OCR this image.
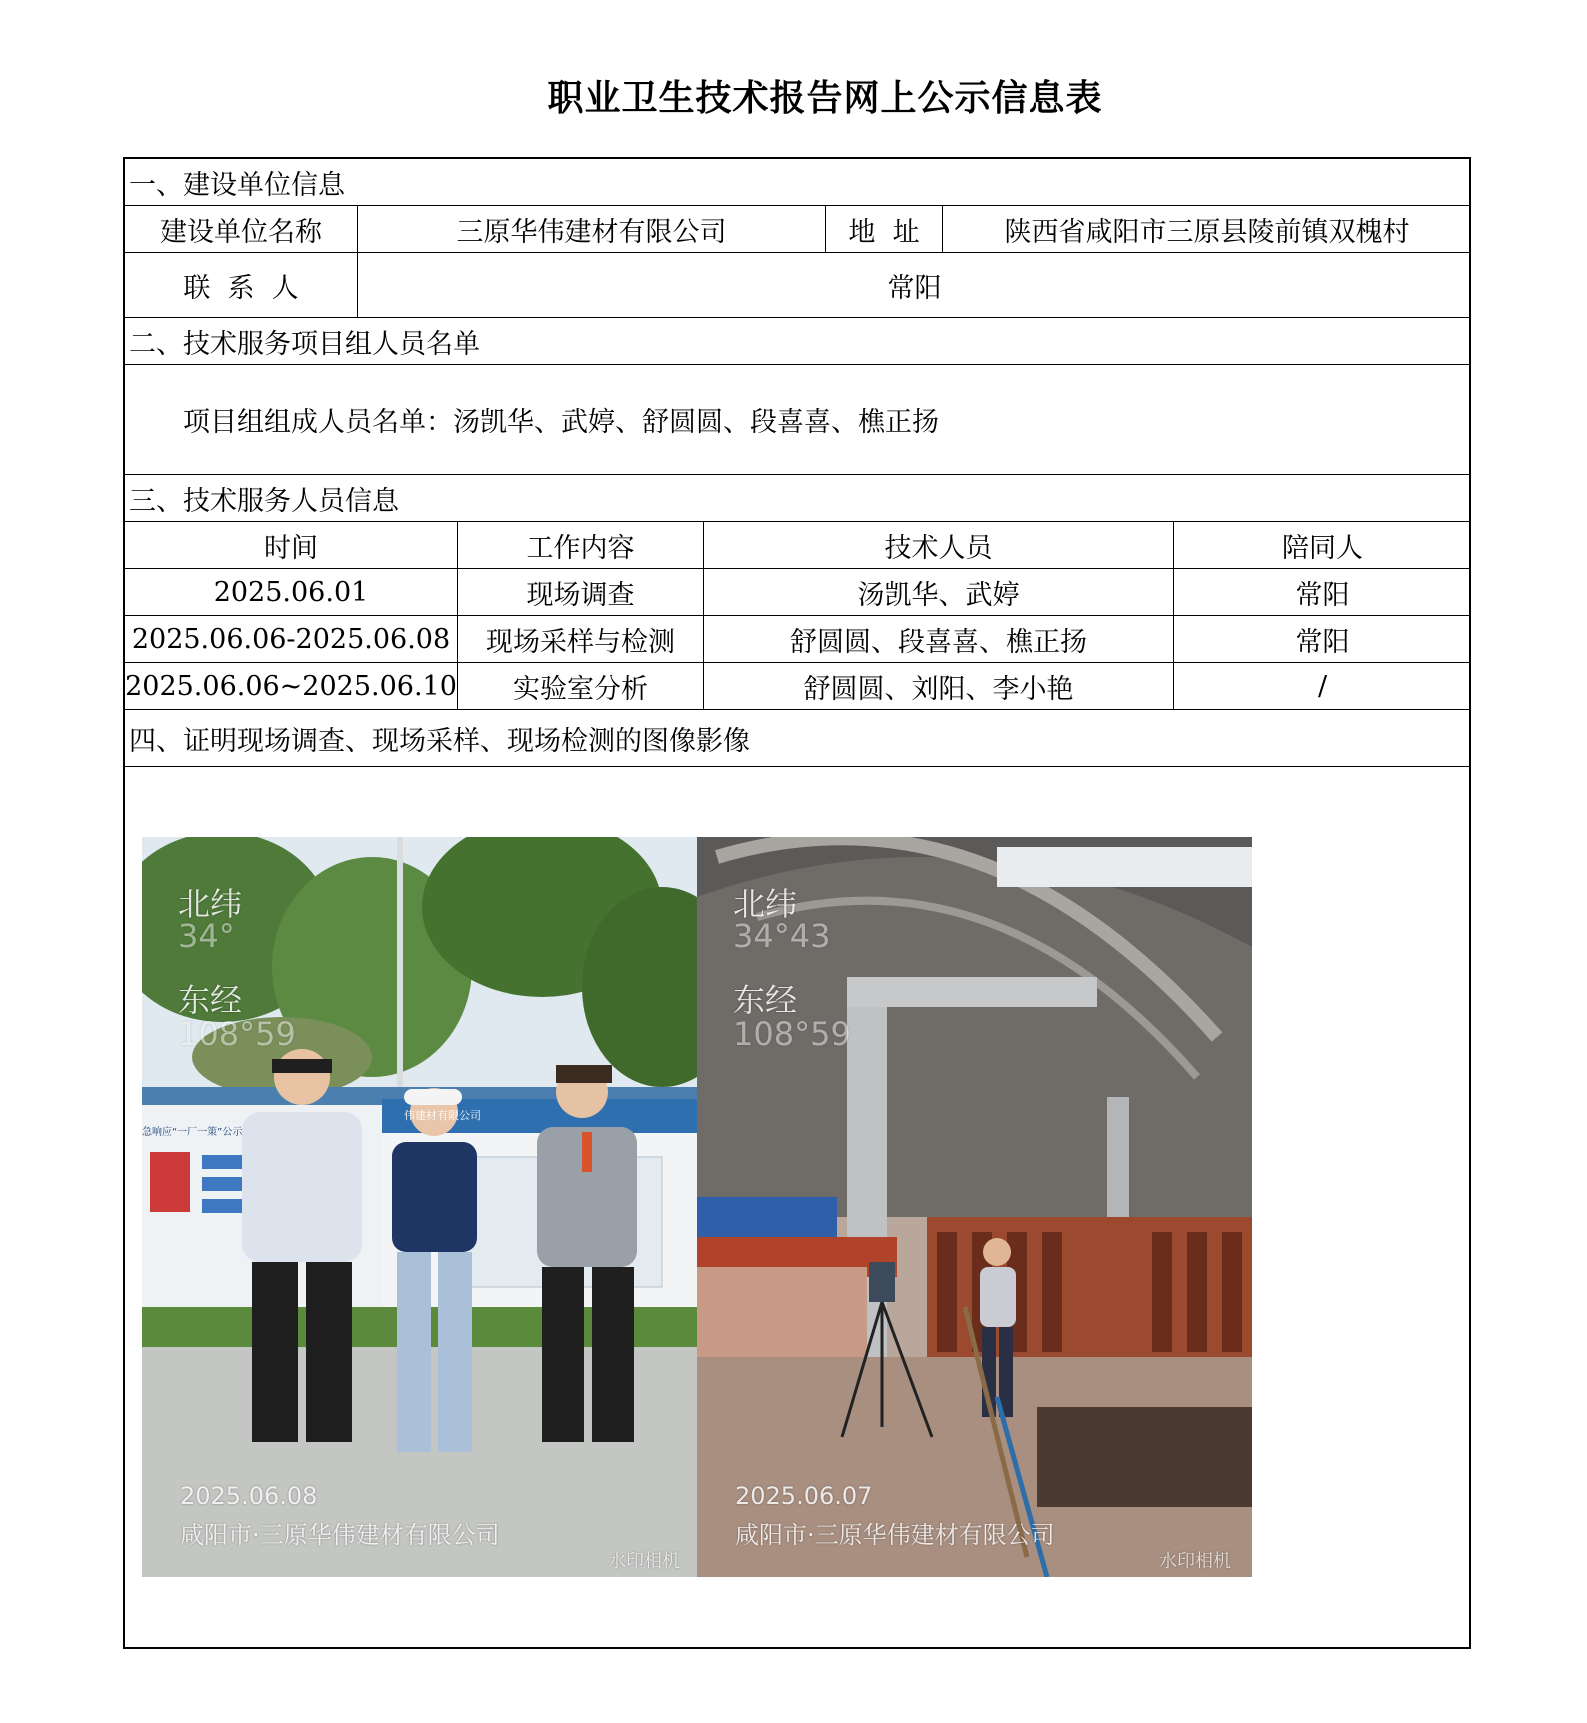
职业卫生技术报告网上公示信息表
一、建设单位信息
建设单位名称	三原华伟建材有限公司	地  址	陕西省咸阳市三原县陵前镇双槐村
联  系  人	常阳
二、技术服务项目组人员名单
项目组组成人员名单：汤凯华、武婷、舒圆圆、段喜喜、樵正扬
三、技术服务人员信息
时间	工作内容	技术人员	陪同人
2025.06.01	现场调查	汤凯华、武婷	常阳
2025.06.06-2025.06.08	现场采样与检测	舒圆圆、段喜喜、樵正扬	常阳
2025.06.06~2025.06.10	实验室分析	舒圆圆、刘阳、李小艳	/
四、证明现场调查、现场采样、现场检测的图像影像
北纬
34°
东经
108°59
急响应“一厂一策”公示
伟建材有限公司
2025.06.08
咸阳市·三原华伟建材有限公司
水印相机
北纬
34°43
东经
108°59
2025.06.07
咸阳市·三原华伟建材有限公司
水印相机
